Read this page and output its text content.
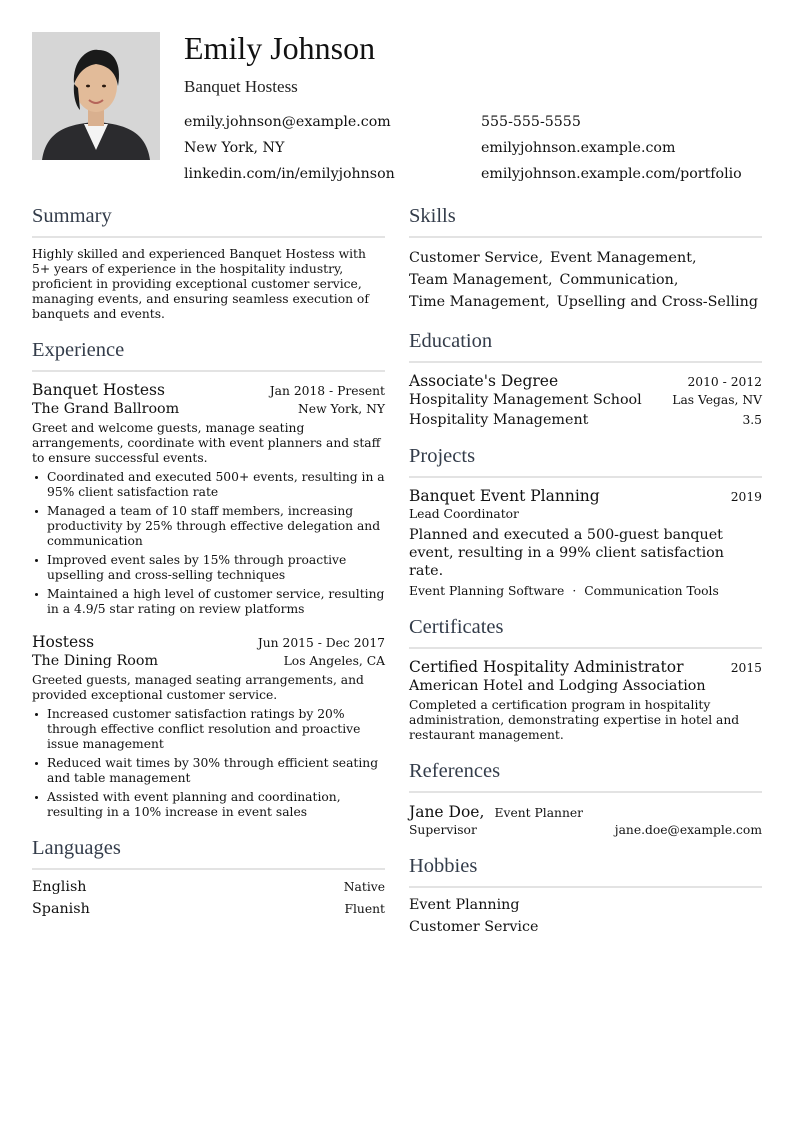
Emily Johnson
Banquet Hostess
emily.johnson@example.com	555-555-5555
New York, NY	emilyjohnson.example.com
linkedin.com/in/emilyjohnson	emilyjohnson.example.com/portfolio
Summary
Highly skilled and experienced Banquet Hostess with 5+ years of experience in the hospitality industry, proficient in providing exceptional customer service, managing events, and ensuring seamless execution of banquets and events.
Experience
Banquet Hostess	Jan 2018 - Present
The Grand Ballroom	New York, NY
Greet and welcome guests, manage seating arrangements, coordinate with event planners and staff to ensure successful events.
Coordinated and executed 500+ events, resulting in a 95% client satisfaction rate
Managed a team of 10 staff members, increasing productivity by 25% through effective delegation and communication
Improved event sales by 15% through proactive upselling and cross-selling techniques
Maintained a high level of customer service, resulting in a 4.9/5 star rating on review platforms
Hostess	Jun 2015 - Dec 2017
The Dining Room	Los Angeles, CA
Greeted guests, managed seating arrangements, and provided exceptional customer service.
Increased customer satisfaction ratings by 20% through effective conflict resolution and proactive issue management
Reduced wait times by 30% through efficient seating and table management
Assisted with event planning and coordination, resulting in a 10% increase in event sales
Languages
English	Native
Spanish	Fluent
Skills
Customer Service, Event Management,
Team Management, Communication,
Time Management, Upselling and Cross-Selling
Education
Associate's Degree	2010 - 2012
Hospitality Management School Las Vegas, NV
Hospitality Management	3.5
Projects
Banquet Event Planning	2019
Lead Coordinator
Planned and executed a 500-guest banquet event, resulting in a 99% client satisfaction rate.
Event Planning Software · Communication Tools
Certificates
Certified Hospitality Administrator	2015
American Hotel and Lodging Association
Completed a certification program in hospitality administration, demonstrating expertise in hotel and restaurant management.
References
Jane Doe, Event Planner
Supervisor	jane.doe@example.com
Hobbies
Event Planning
Customer Service
